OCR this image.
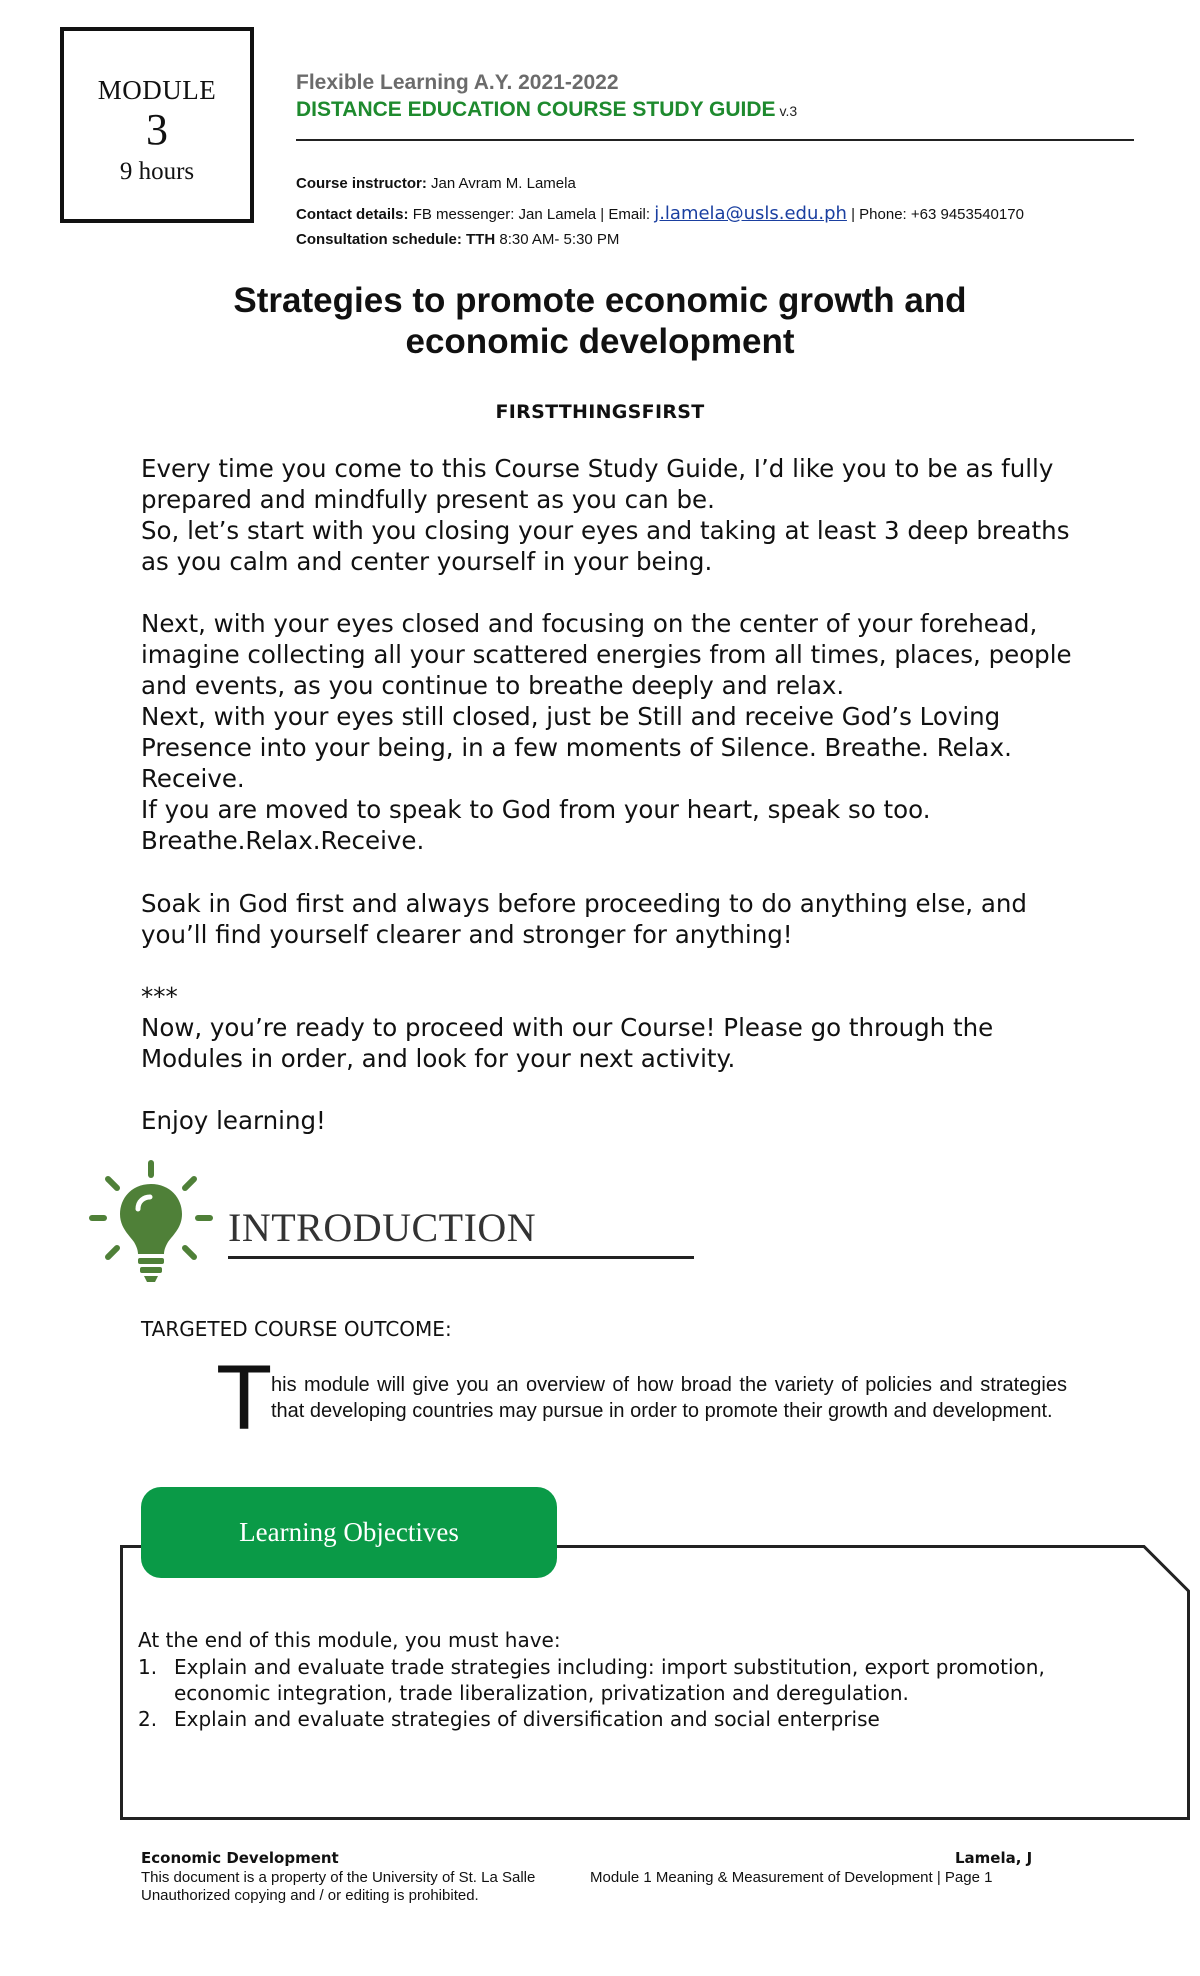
MODULE
3
9 hours
Flexible Learning A.Y. 2021-2022
DISTANCE EDUCATION COURSE STUDY GUIDE v.3
Course instructor: Jan Avram M. Lamela
Contact details: FB messenger: Jan Lamela | Email: j.lamela@usls.edu.ph | Phone: +63 9453540170
Consultation schedule: TTH 8:30 AM- 5:30 PM
Strategies to promote economic growth and
economic development
FIRSTTHINGSFIRST

Every time you come to this Course Study Guide, I’d like you to be as fully prepared and mindfully present as you can be.

So, let’s start with you closing your eyes and taking at least 3 deep breaths as you calm and center yourself in your being.

Next, with your eyes closed and focusing on the center of your forehead, imagine collecting all your scattered energies from all times, places, people and events, as you continue to breathe deeply and relax.

Next, with your eyes still closed, just be Still and receive God’s Loving Presence into your being, in a few moments of Silence. Breathe. Relax. Receive.

If you are moved to speak to God from your heart, speak so too.

Breathe.Relax.Receive.

Soak in God first and always before proceeding to do anything else, and you’ll find yourself clearer and stronger for anything!

***

Now, you’re ready to proceed with our Course! Please go through the Modules in order, and look for your next activity.

Enjoy learning!

INTRODUCTION
TARGETED COURSE OUTCOME:
T
his module will give you an overview of how broad the variety of policies and strategies that developing countries may pursue in order to promote their growth and development.
Learning Objectives
At the end of this module, you must have:
1. Explain and evaluate trade strategies including: import substitution, export promotion, economic integration, trade liberalization, privatization and deregulation.
2. Explain and evaluate strategies of diversification and social enterprise
Economic Development	Lamela, J
This document is a property of the University of St. La Salle
Unauthorized copying and / or editing is prohibited.
Module 1 Meaning & Measurement of Development | Page 1
